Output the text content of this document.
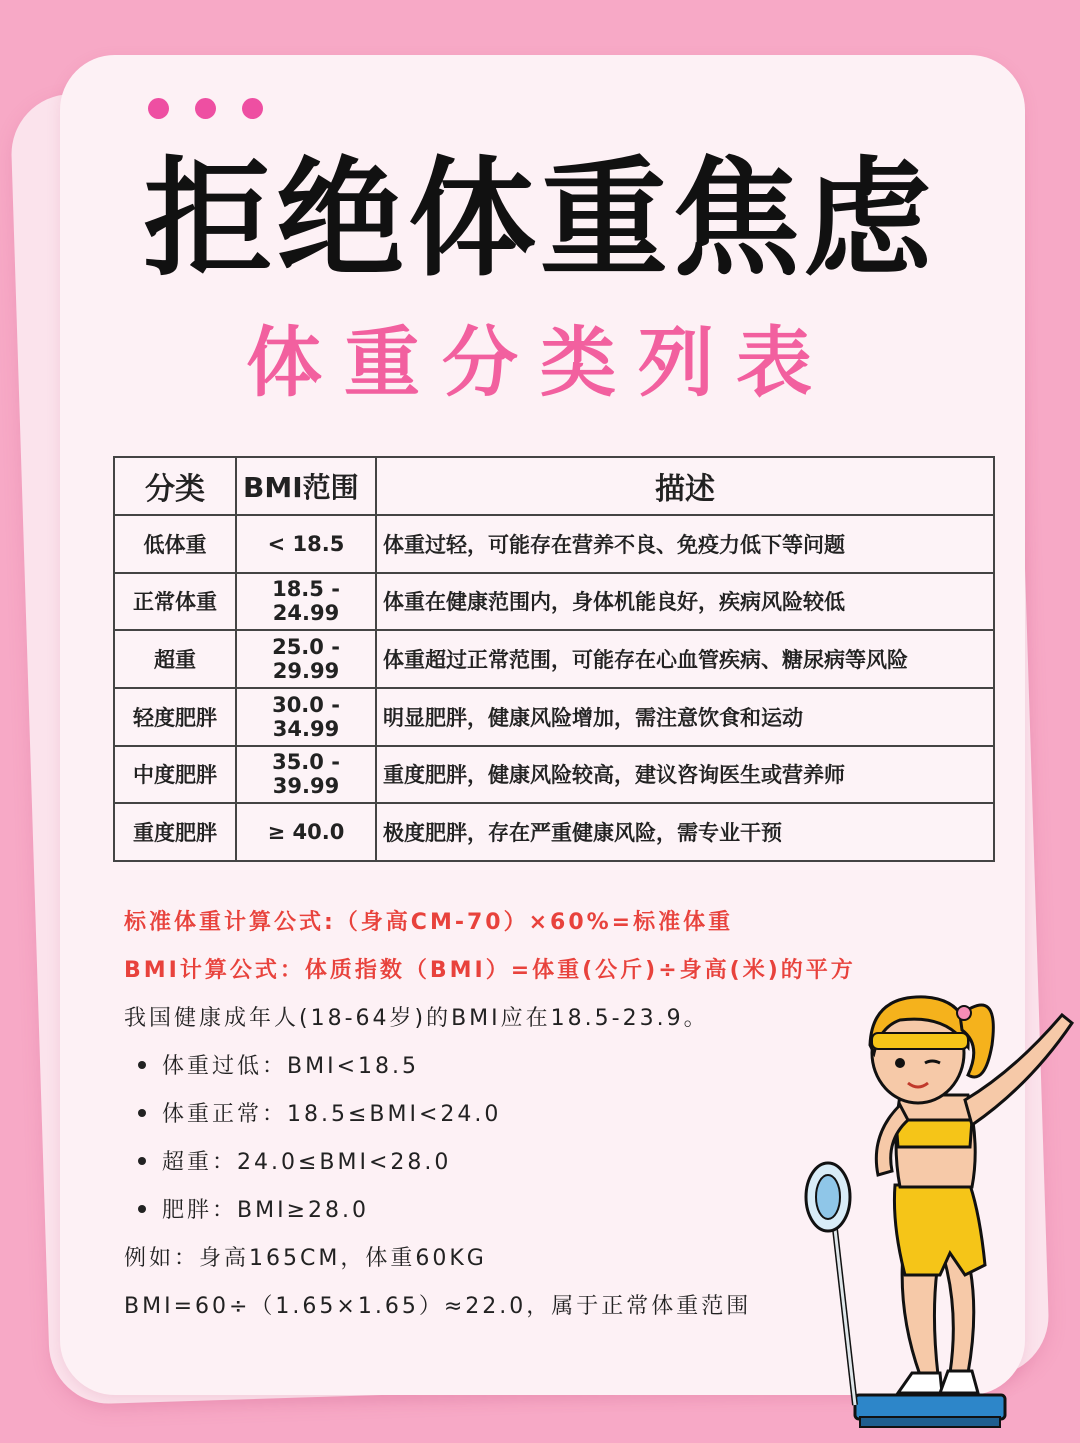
拒绝体重焦虑
体重分类列表
分类	BMI范围	描述
低体重	< 18.5	体重过轻，可能存在营养不良、免疫力低下等问题
正常体重	18.5 - 24.99	体重在健康范围内，身体机能良好，疾病风险较低
超重	25.0 - 29.99	体重超过正常范围，可能存在心血管疾病、糖尿病等风险
轻度肥胖	30.0 - 34.99	明显肥胖，健康风险增加，需注意饮食和运动
中度肥胖	35.0 - 39.99	重度肥胖，健康风险较高，建议咨询医生或营养师
重度肥胖	≥ 40.0	极度肥胖，存在严重健康风险，需专业干预
标准体重计算公式:（身高CM-70）×60%=标准体重
BMI计算公式：体质指数（BMI）=体重(公斤)÷身高(米)的平方
我国健康成年人(18-64岁)的BMI应在18.5-23.9。
体重过低：BMI<18.5
体重正常：18.5≤BMI<24.0
超重：24.0≤BMI<28.0
肥胖：BMI≥28.0
例如：身高165CM，体重60KG
BMI=60÷（1.65×1.65）≈22.0，属于正常体重范围
